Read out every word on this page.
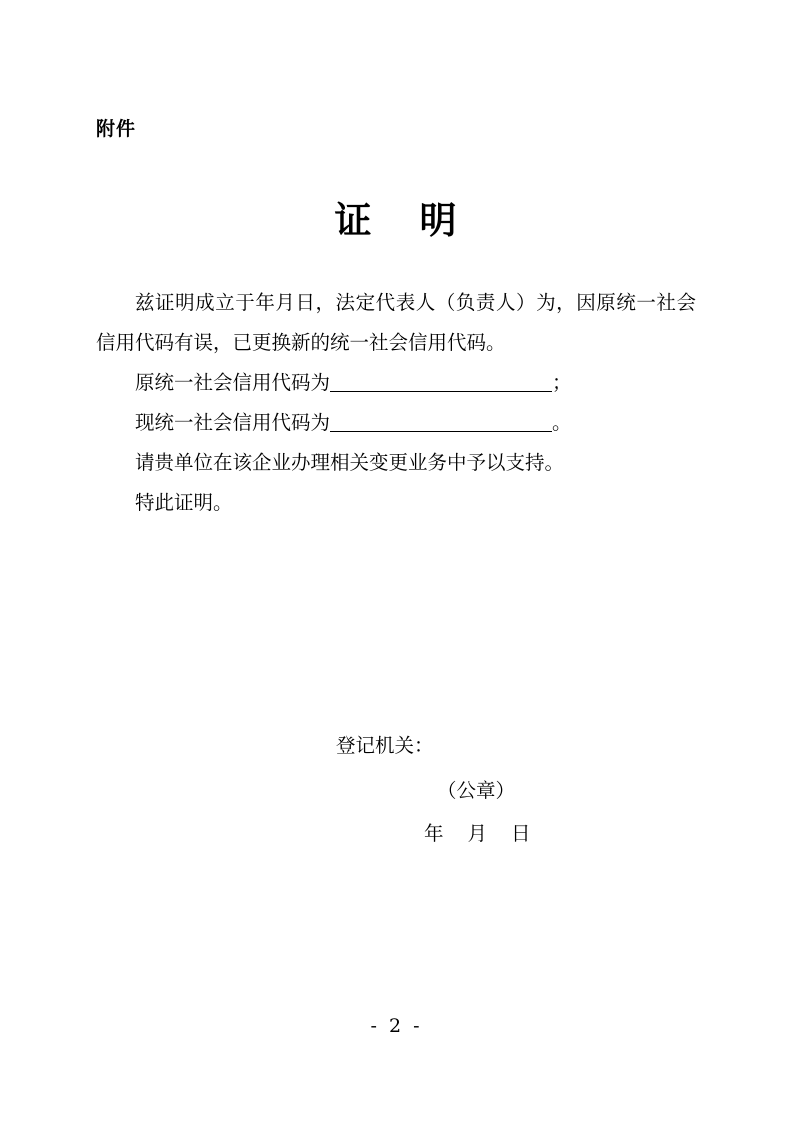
附件
证 明

兹证明成立于年月日，法定代表人（负责人）为，因原统一社会信用代码有误，已更换新的统一社会信用代码。

原统一社会信用代码为	；

现统一社会信用代码为	。

请贵单位在该企业办理相关变更业务中予以支持。

特此证明。

登记机关：
（公章）
年 月 日
- 2 -
